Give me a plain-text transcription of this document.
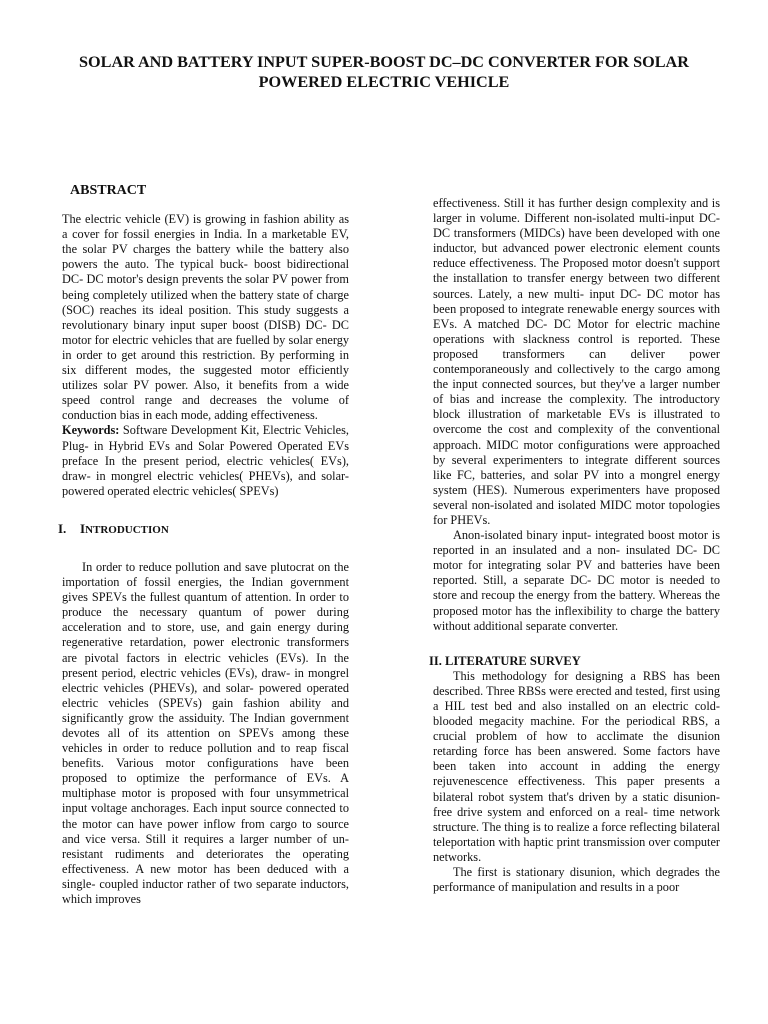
SOLAR AND BATTERY INPUT SUPER-BOOST DC–DC CONVERTER FOR SOLAR
POWERED ELECTRIC VEHICLE
ABSTRACT

The electric vehicle (EV) is growing in fashion ability as a cover for fossil energies in India. In a marketable EV, the solar PV charges the battery while the battery also powers the auto. The typical buck- boost bidirectional DC- DC motor's design prevents the solar PV power from being completely utilized when the battery state of charge (SOC) reaches its ideal position. This study suggests a revolutionary binary input super boost (DISB) DC- DC motor for electric vehicles that are fuelled by solar energy in order to get around this restriction. By performing in six different modes, the suggested motor efficiently utilizes solar PV power. Also, it benefits from a wide speed control range and decreases the volume of conduction bias in each mode, adding effectiveness.

Keywords: Software Development Kit, Electric Vehicles, Plug- in Hybrid EVs and Solar Powered Operated EVs preface In the present period, electric vehicles( EVs), draw- in mongrel electric vehicles( PHEVs), and solar- powered operated electric vehicles( SPEVs)

I. INTRODUCTION

In order to reduce pollution and save plutocrat on the importation of fossil energies, the Indian government gives SPEVs the fullest quantum of attention. In order to produce the necessary quantum of power during acceleration and to store, use, and gain energy during regenerative retardation, power electronic transformers are pivotal factors in electric vehicles (EVs). In the present period, electric vehicles (EVs), draw- in mongrel electric vehicles (PHEVs), and solar- powered operated electric vehicles (SPEVs) gain fashion ability and significantly grow the assiduity. The Indian government devotes all of its attention on SPEVs among these vehicles in order to reduce pollution and to reap fiscal benefits. Various motor configurations have been proposed to optimize the performance of EVs. A multiphase motor is proposed with four unsymmetrical input voltage anchorages. Each input source connected to the motor can have power inflow from cargo to source and vice versa. Still it requires a larger number of un-resistant rudiments and deteriorates the operating effectiveness. A new motor has been deduced with a single- coupled inductor rather of two separate inductors, which improves

effectiveness. Still it has further design complexity and is larger in volume. Different non-isolated multi-input DC- DC transformers (MIDCs) have been developed with one inductor, but advanced power electronic element counts reduce effectiveness. The Proposed motor doesn't support the installation to transfer energy between two different sources. Lately, a new multi- input DC- DC motor has been proposed to integrate renewable energy sources with EVs. A matched DC- DC Motor for electric machine operations with slackness control is reported. These proposed transformers can deliver power contemporaneously and collectively to the cargo among the input connected sources, but they've a larger number of bias and increase the complexity. The introductory block illustration of marketable EVs is illustrated to overcome the cost and complexity of the conventional approach. MIDC motor configurations were approached by several experimenters to integrate different sources like FC, batteries, and solar PV into a mongrel energy system (HES). Numerous experimenters have proposed several non-isolated and isolated MIDC motor topologies for PHEVs.

Anon-isolated binary input- integrated boost motor is reported in an insulated and a non- insulated DC- DC motor for integrating solar PV and batteries have been reported. Still, a separate DC- DC motor is needed to store and recoup the energy from the battery. Whereas the proposed motor has the inflexibility to charge the battery without additional separate converter.

II. LITERATURE SURVEY

This methodology for designing a RBS has been described. Three RBSs were erected and tested, first using a HIL test bed and also installed on an electric cold-blooded megacity machine. For the periodical RBS, a crucial problem of how to acclimate the disunion retarding force has been answered. Some factors have been taken into account in adding the energy rejuvenescence effectiveness. This paper presents a bilateral robot system that's driven by a static disunion-free drive system and enforced on a real- time network structure. The thing is to realize a force reflecting bilateral teleportation with haptic print transmission over computer networks.

The first is stationary disunion, which degrades the performance of manipulation and results in a poor
